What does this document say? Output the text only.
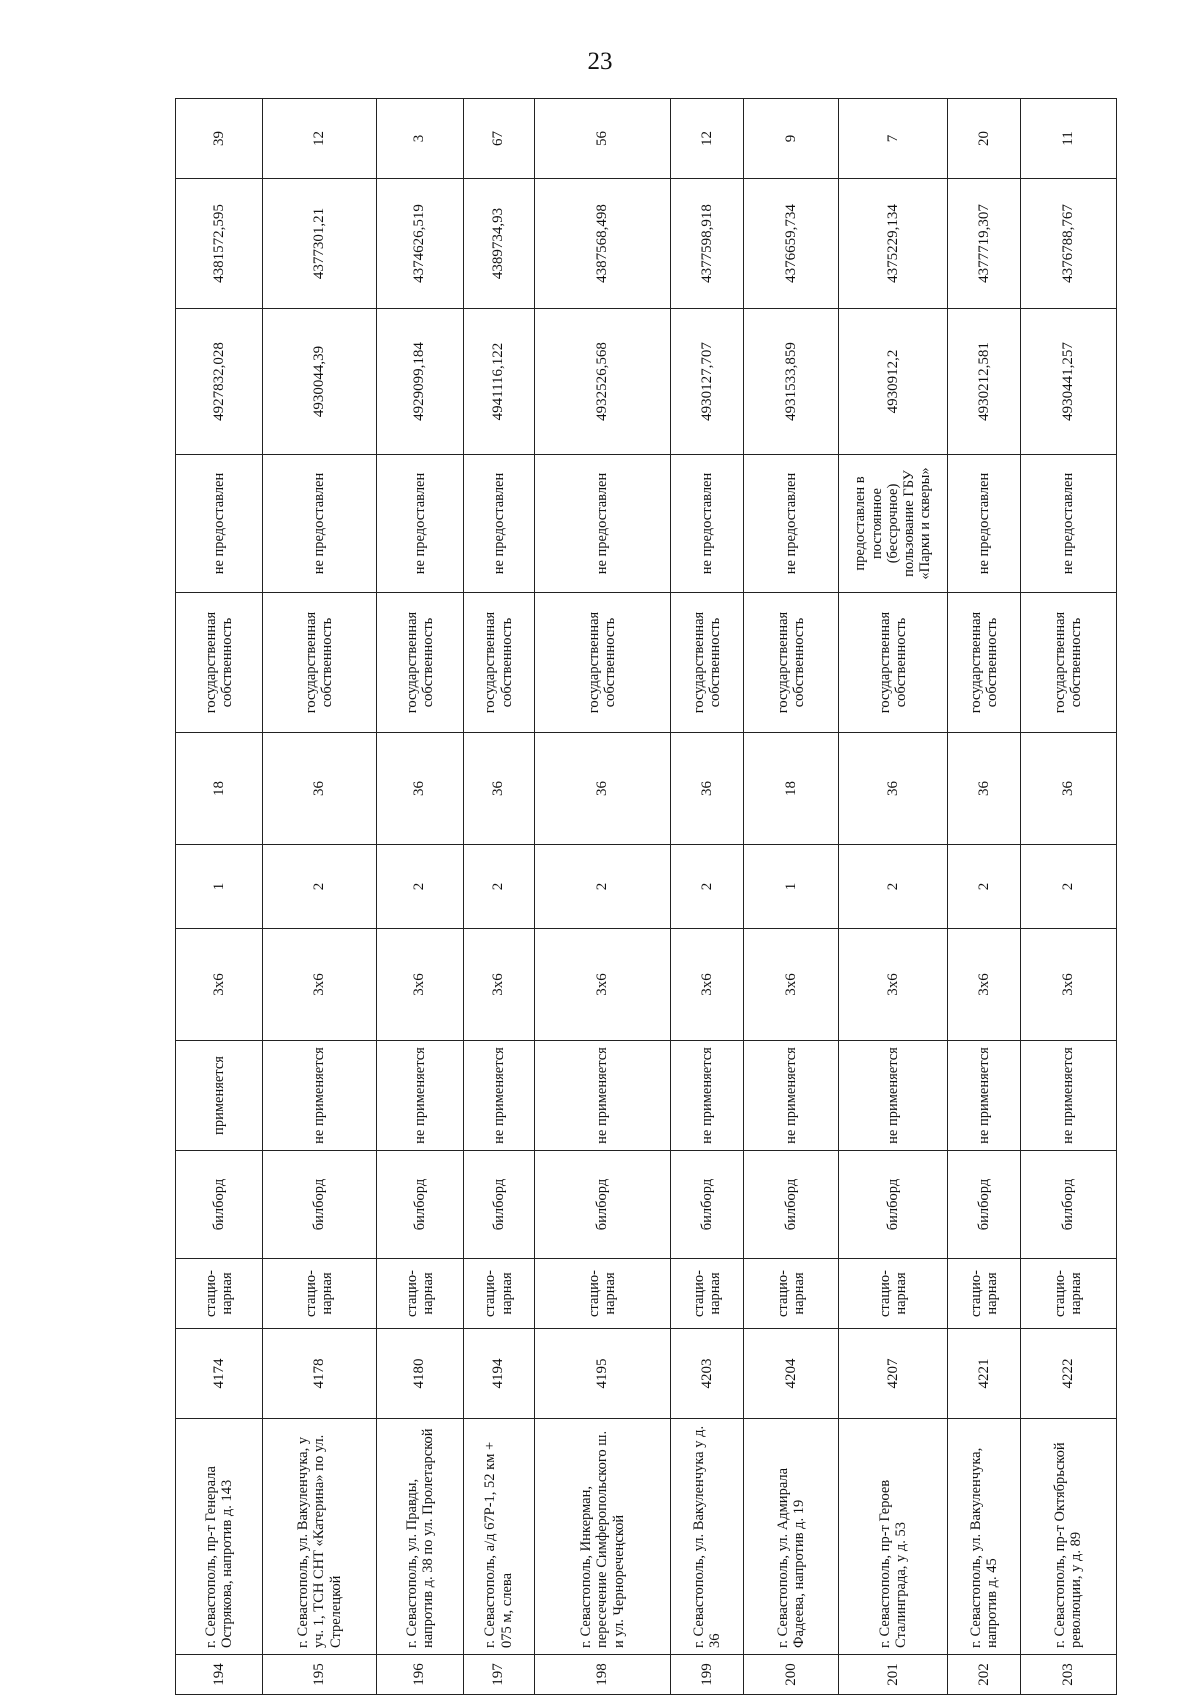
23
194	г. Севастополь, пр-т Генерала Острякова, напротив д. 143	4174	стацио-нарная	билборд	применяется	3х6	1	18	государственная собственность	не предоставлен	4927832,028	4381572,595	39
195	г. Севастополь, ул. Вакуленчука, у уч. 1, ТСН СНТ «Катерина» по ул. Стрелецкой	4178	стацио-нарная	билборд	не применяется	3х6	2	36	государственная собственность	не предоставлен	4930044,39	4377301,21	12
196	г. Севастополь, ул. Правды, напротив д. 38 по ул. Пролетарской	4180	стацио-нарная	билборд	не применяется	3х6	2	36	государственная собственность	не предоставлен	4929099,184	4374626,519	3
197	г. Севастополь, а/д 67Р-1, 52 км + 075 м, слева	4194	стацио-нарная	билборд	не применяется	3х6	2	36	государственная собственность	не предоставлен	4941116,122	4389734,93	67
198	г. Севастополь, Инкерман, пересечение Симферопольского ш. и ул. Черноречеңской	4195	стацио-нарная	билборд	не применяется	3х6	2	36	государственная собственность	не предоставлен	4932526,568	4387568,498	56
199	г. Севастополь, ул. Вакуленчука у д. 36	4203	стацио-нарная	билборд	не применяется	3х6	2	36	государственная собственность	не предоставлен	4930127,707	4377598,918	12
200	г. Севастополь, ул. Адмирала Фадеева, напротив д. 19	4204	стацио-нарная	билборд	не применяется	3х6	1	18	государственная собственность	не предоставлен	4931533,859	4376659,734	9
201	г. Севастополь, пр-т Героев Сталинграда, у д. 53	4207	стацио-нарная	билборд	не применяется	3х6	2	36	государственная собственность	предоставлен в постоянное (бессрочное) пользование ГБУ «Парки и скверы»	4930912,2	4375229,134	7
202	г. Севастополь, ул. Вакуленчука, напротив д. 45	4221	стацио-нарная	билборд	не применяется	3х6	2	36	государственная собственность	не предоставлен	4930212,581	4377719,307	20
203	г. Севастополь, пр-т Октябрьской революции, у д. 89	4222	стацио-нарная	билборд	не применяется	3х6	2	36	государственная собственность	не предоставлен	4930441,257	4376788,767	11
